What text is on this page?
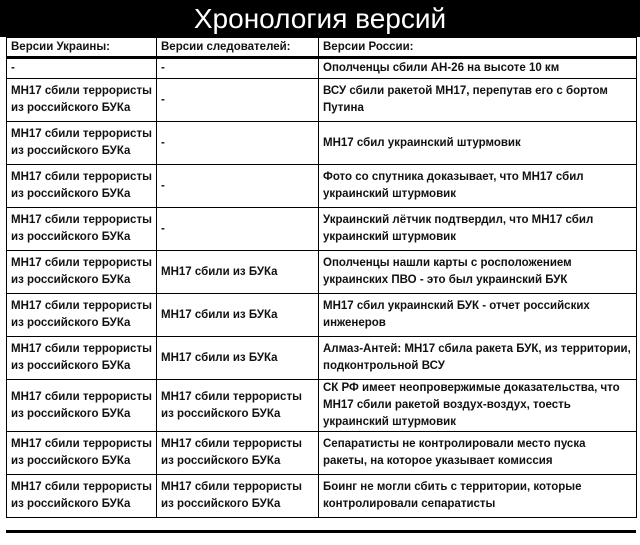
Хронология версий
Версии Украины:	Версии следователей:	Версии России:
-	-	Ополченцы сбили АН-26 на высоте 10 км
МН17 сбили террористы из российского БУКа	-	ВСУ сбили ракетой МН17, перепутав его с бортом Путина
МН17 сбили террористы из российского БУКа	-	МН17 сбил украинский штурмовик
МН17 сбили террористы из российского БУКа	-	Фото со спутника доказывает, что МН17 сбил украинский штурмовик
МН17 сбили террористы из российского БУКа	-	Украинский лётчик подтвердил, что МН17 сбил украинский штурмовик
МН17 сбили террористы из российского БУКа	МН17 сбили из БУКа	Ополченцы нашли карты с росположением украинских ПВО - это был украинский БУК
МН17 сбили террористы из российского БУКа	МН17 сбили из БУКа	МН17 сбил украинский БУК - отчет российских инженеров
МН17 сбили террористы из российского БУКа	МН17 сбили из БУКа	Алмаз-Антей: МН17 сбила ракета БУК, из территории, подконтрольной ВСУ
МН17 сбили террористы из российского БУКа	МН17 сбили террористы из российского БУКа	СК РФ имеет неопровержимые доказательства, что МН17 сбили ракетой воздух-воздух, тоесть украинский штурмовик
МН17 сбили террористы из российского БУКа	МН17 сбили террористы из российского БУКа	Сепаратисты не контролировали место пуска ракеты, на которое указывает комиссия
МН17 сбили террористы из российского БУКа	МН17 сбили террористы из российского БУКа	Боинг не могли сбить с территории, которые контролировали сепаратисты
